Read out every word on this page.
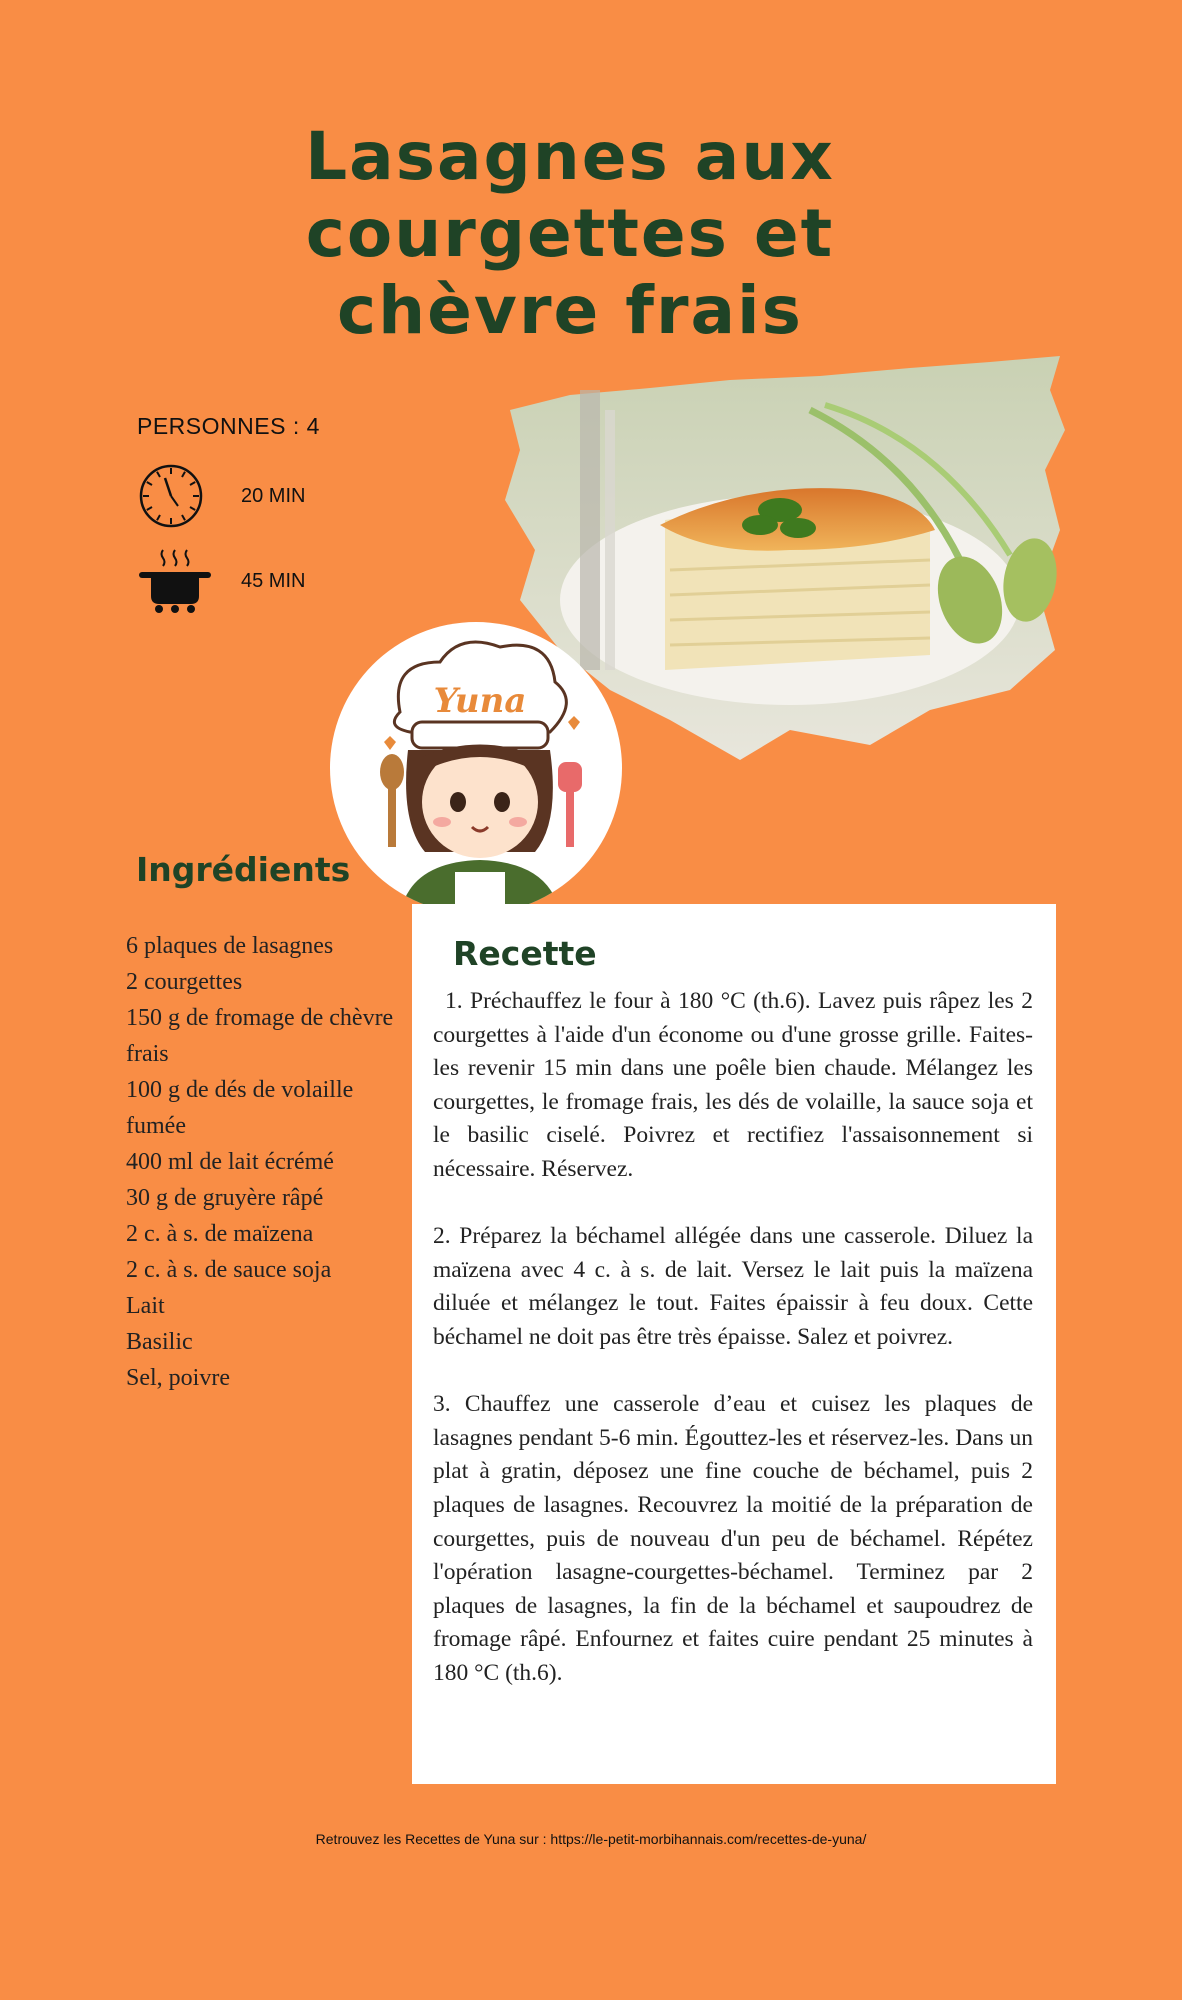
Lasagnes aux
courgettes et
chèvre frais
PERSONNES : 4
20 MIN
45 MIN
Yuna
Ingrédients
6 plaques de lasagnes
2 courgettes
150 g de fromage de chèvre frais
100 g de dés de volaille fumée
400 ml de lait écrémé
30 g de gruyère râpé
2 c. à s. de maïzena
2 c. à s. de sauce soja
Lait
Basilic
Sel, poivre
Recette

1. Préchauffez le four à 180 °C (th.6). Lavez puis râpez les 2 courgettes à l'aide d'un économe ou d'une grosse grille. Faites- les revenir 15 min dans une poêle bien chaude. Mélangez les courgettes, le fromage frais, les dés de volaille, la sauce soja et le basilic ciselé. Poivrez et rectifiez l'assaisonnement si nécessaire. Réservez.

2. Préparez la béchamel allégée dans une casserole. Diluez la maïzena avec 4 c. à s. de lait. Versez le lait puis la maïzena diluée et mélangez le tout. Faites épaissir à feu doux. Cette béchamel ne doit pas être très épaisse. Salez et poivrez.

3. Chauffez une casserole d’eau et cuisez les plaques de lasagnes pendant 5-6 min. Égouttez-les et réservez-les. Dans un plat à gratin, déposez une fine couche de béchamel, puis 2 plaques de lasagnes. Recouvrez la moitié de la préparation de courgettes, puis de nouveau d'un peu de béchamel. Répétez l'opération lasagne-courgettes-béchamel. Terminez par 2 plaques de lasagnes, la fin de la béchamel et saupoudrez de fromage râpé. Enfournez et faites cuire pendant 25 minutes à 180 °C (th.6).

Retrouvez les Recettes de Yuna sur : https://le-petit-morbihannais.com/recettes-de-yuna/
